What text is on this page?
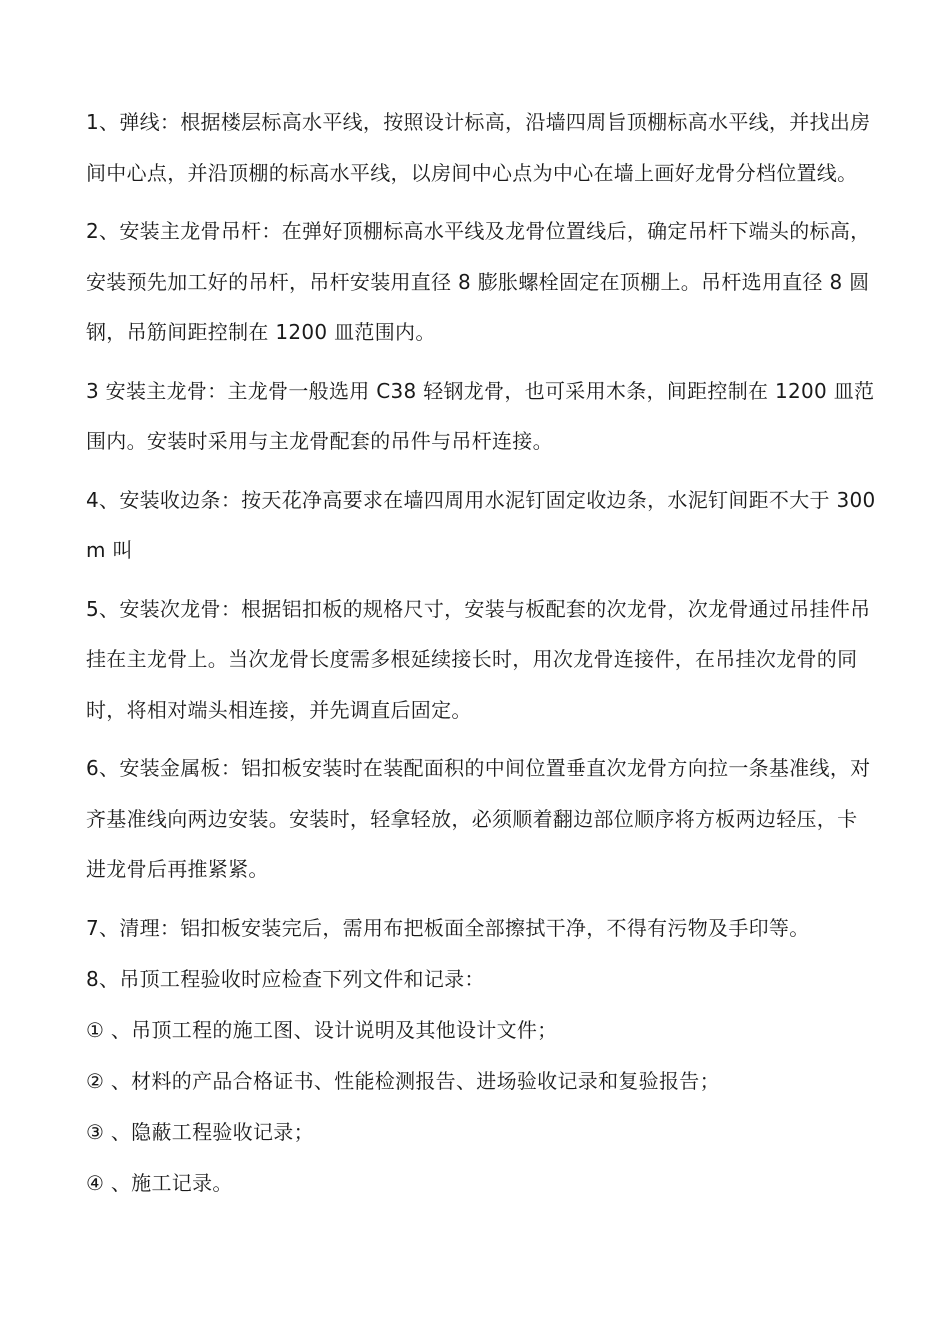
1、弹线：根据楼层标高水平线，按照设计标高，沿墙四周旨顶棚标高水平线，并找出房间中心点，并沿顶棚的标高水平线，以房间中心点为中心在墙上画好龙骨分档位置线。

2、安装主龙骨吊杆：在弹好顶棚标高水平线及龙骨位置线后，确定吊杆下端头的标高，安装预先加工好的吊杆，吊杆安装用直径 8 膨胀螺栓固定在顶棚上。吊杆选用直径 8 圆钢，吊筋间距控制在 1200 皿范围内。

3 安装主龙骨：主龙骨一般选用 C38 轻钢龙骨，也可采用木条，间距控制在 1200 皿范围内。安装时采用与主龙骨配套的吊件与吊杆连接。

4、安装收边条：按天花净高要求在墙四周用水泥钉固定收边条，水泥钉间距不大于 300m 叫

5、安装次龙骨：根据铝扣板的规格尺寸，安装与板配套的次龙骨，次龙骨通过吊挂件吊挂在主龙骨上。当次龙骨长度需多根延续接长时，用次龙骨连接件，在吊挂次龙骨的同时，将相对端头相连接，并先调直后固定。

6、安装金属板：铝扣板安装时在装配面积的中间位置垂直次龙骨方向拉一条基准线，对齐基准线向两边安装。安装时，轻拿轻放，必须顺着翻边部位顺序将方板两边轻压，卡进龙骨后再推紧紧。

7、清理：铝扣板安装完后，需用布把板面全部擦拭干净，不得有污物及手印等。

8、吊顶工程验收时应检查下列文件和记录：

① 、吊顶工程的施工图、设计说明及其他设计文件；

② 、材料的产品合格证书、性能检测报告、进场验收记录和复验报告；

③ 、隐蔽工程验收记录；

④ 、施工记录。
